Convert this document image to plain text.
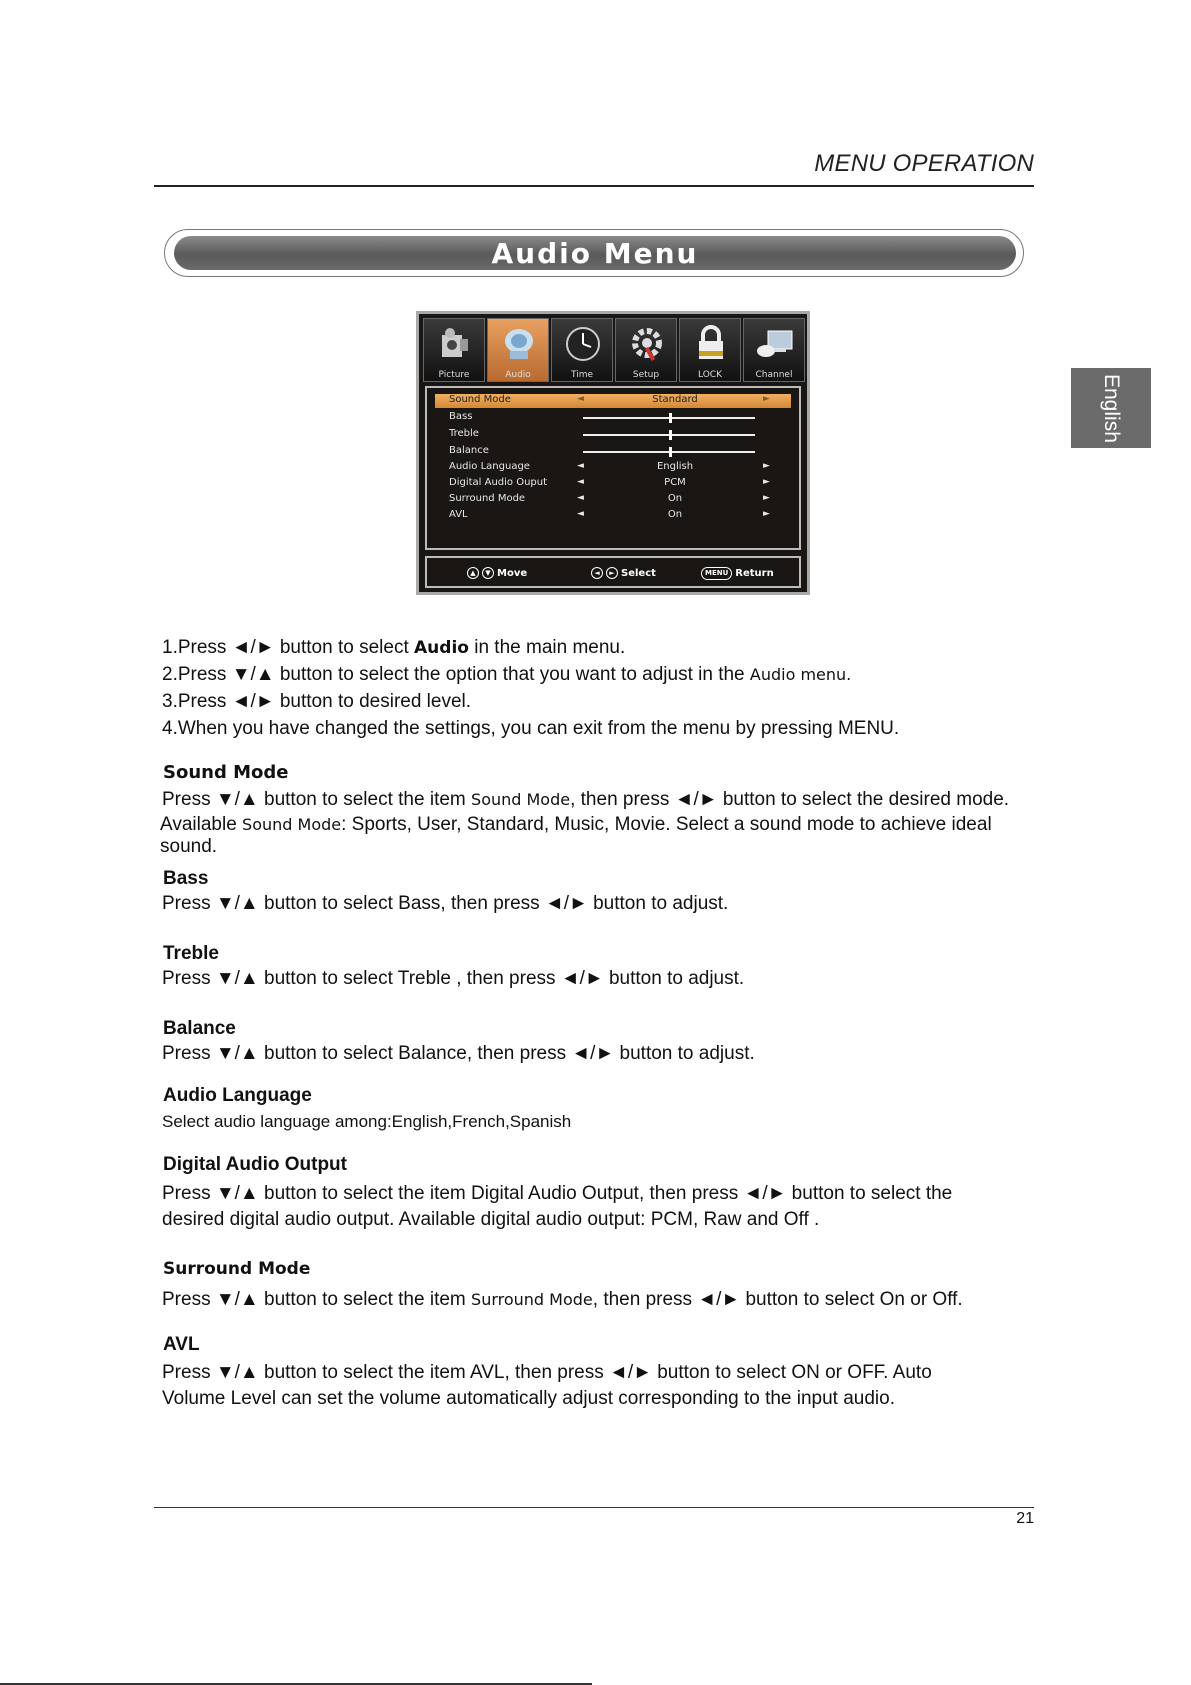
MENU OPERATION
English
Audio Menu
Picture	Audio	Time	Setup	LOCK	Channel
Sound Mode	◄	Standard	►
Bass
Treble
Balance
Audio Language	◄	English	►
Digital Audio Ouput	◄	PCM	►
Surround Mode	◄	On	►
AVL	◄	On	►
▲	▼ Move	◄	► Select	MENU Return
1.Press ◄/► button to select Audio in the main menu.
2.Press ▼/▲ button to select the option that you want to adjust in the Audio menu.
3.Press ◄/► button to desired level.
4.When you have changed the settings, you can exit from the menu by pressing MENU.
Sound Mode
Press ▼/▲ button to select the item Sound Mode, then press ◄/► button to select the desired mode.
Available Sound Mode: Sports, User, Standard, Music, Movie. Select a sound mode to achieve ideal
sound.
Bass
Press ▼/▲ button to select Bass, then press ◄/► button to adjust.
Treble
Press ▼/▲ button to select Treble , then press ◄/► button to adjust.
Balance
Press ▼/▲ button to select Balance, then press ◄/► button to adjust.
Audio Language
Select audio language among:English,French,Spanish
Digital Audio Output
Press ▼/▲ button to select the item Digital Audio Output, then press ◄/► button to select the
desired digital audio output. Available digital audio output: PCM, Raw and Off .
Surround Mode
Press ▼/▲ button to select the item Surround Mode, then press ◄/► button to select On or Off.
AVL
Press ▼/▲ button to select the item AVL, then press ◄/► button to select ON or OFF. Auto
Volume Level can set the volume automatically adjust corresponding to the input audio.
21
